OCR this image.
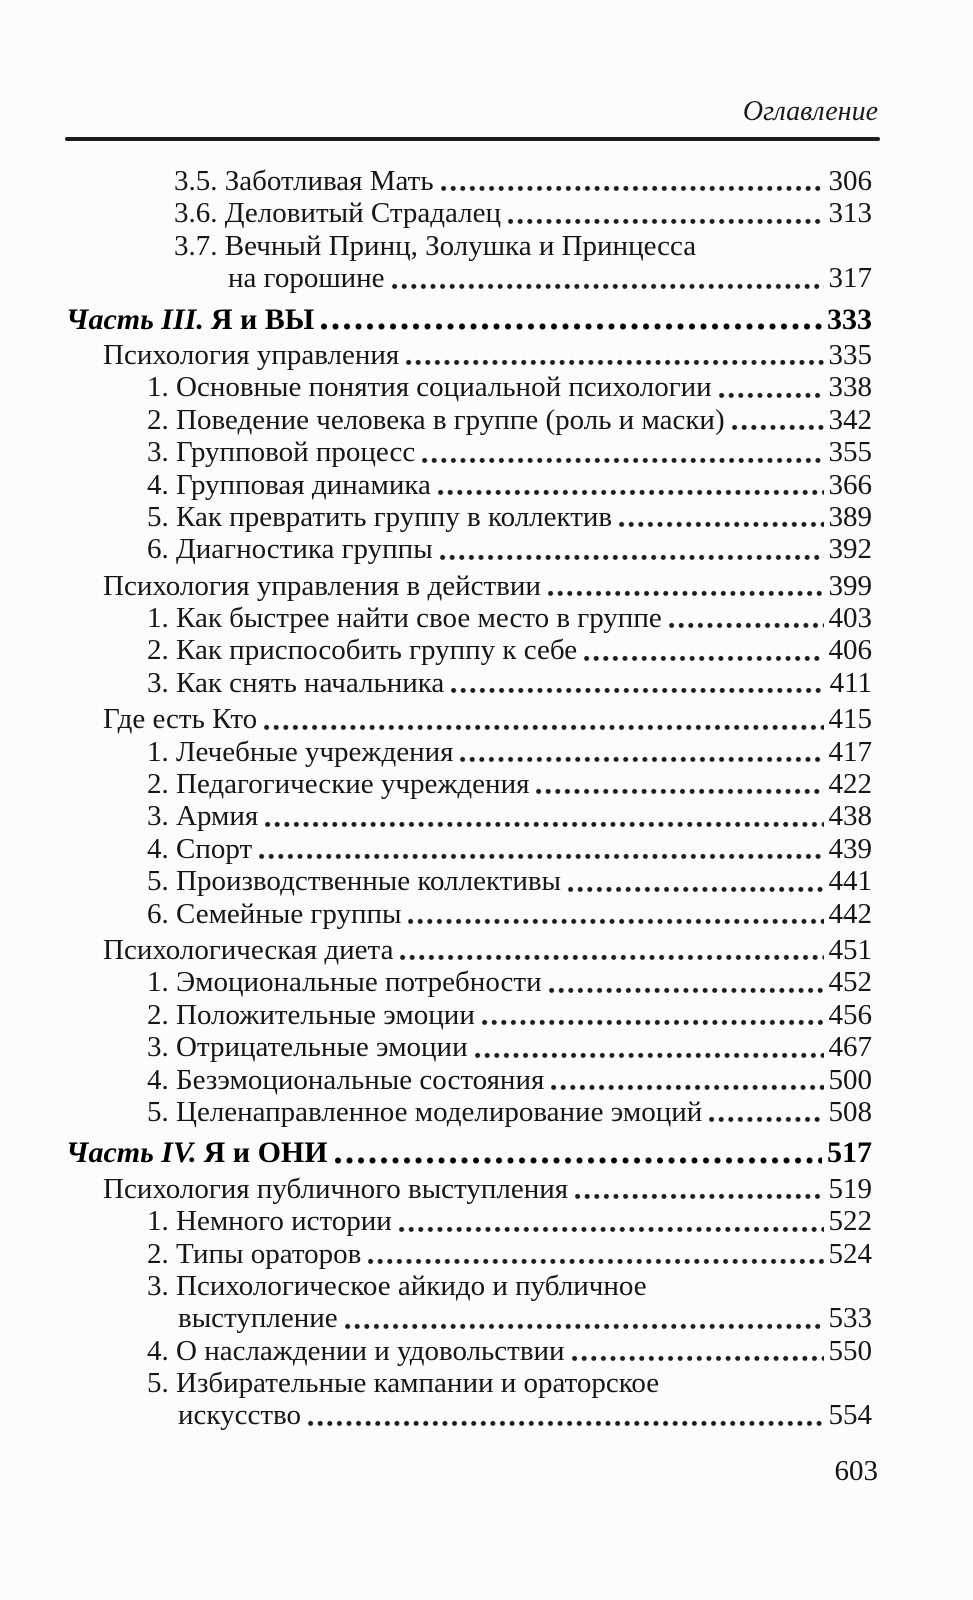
Оглавление
3.5. Заботливая Мать	306
3.6. Деловитый Страдалец	313
3.7. Вечный Принц, Золушка и Принцесса
на горошине	317
Часть III. Я и ВЫ	333
Психология управления	335
1. Основные понятия социальной психологии	338
2. Поведение человека в группе (роль и маски)	342
3. Групповой процесс	355
4. Групповая динамика	366
5. Как превратить группу в коллектив	389
6. Диагностика группы	392
Психология управления в действии	399
1. Как быстрее найти свое место в группе	403
2. Как приспособить группу к себе	406
3. Как снять начальника	411
Где есть Кто	415
1. Лечебные учреждения	417
2. Педагогические учреждения	422
3. Армия	438
4. Спорт	439
5. Производственные коллективы	441
6. Семейные группы	442
Психологическая диета	451
1. Эмоциональные потребности	452
2. Положительные эмоции	456
3. Отрицательные эмоции	467
4. Безэмоциональные состояния	500
5. Целенаправленное моделирование эмоций	508
Часть IV. Я и ОНИ	517
Психология публичного выступления	519
1. Немного истории	522
2. Типы ораторов	524
3. Психологическое айкидо и публичное
выступление	533
4. О наслаждении и удовольствии	550
5. Избирательные кампании и ораторское
искусство	554
603
